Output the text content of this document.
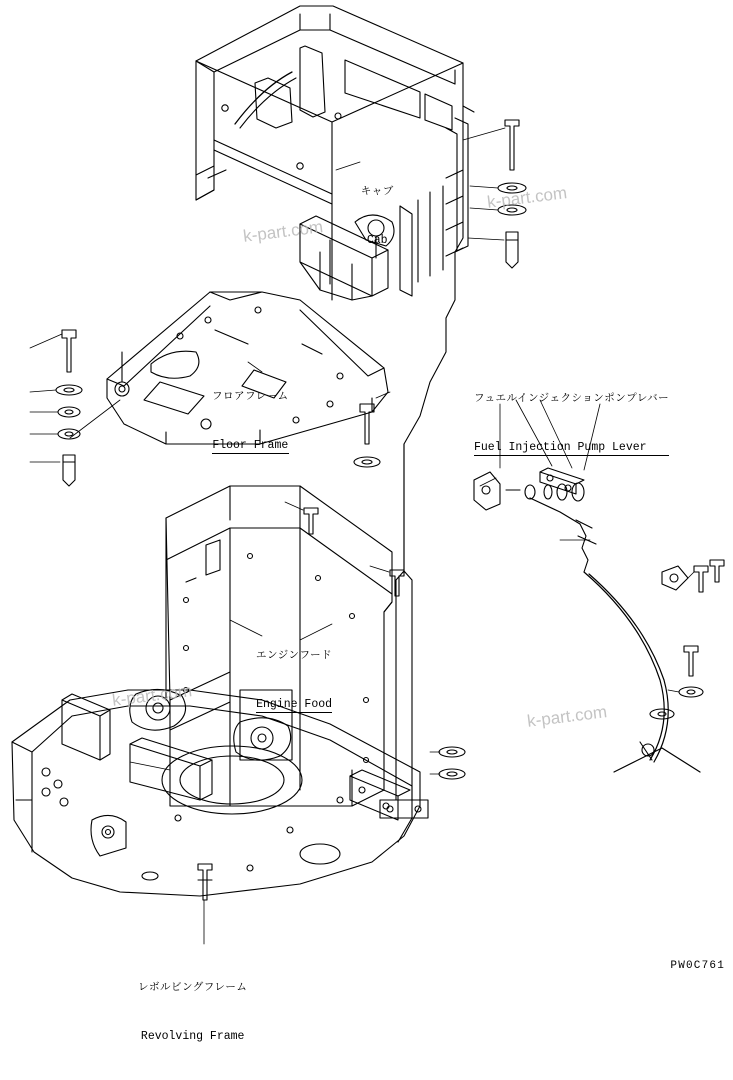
k-part.com
k-part.com
k-part.com
k-part.com

キャブ

Cab

フロアフレーム

Floor Frame

エンジンフード

Engine Food

レボルビングフレーム

Revolving Frame

フュエルインジェクションポンプレバー

Fuel Injection Pump Lever

PW0C761
